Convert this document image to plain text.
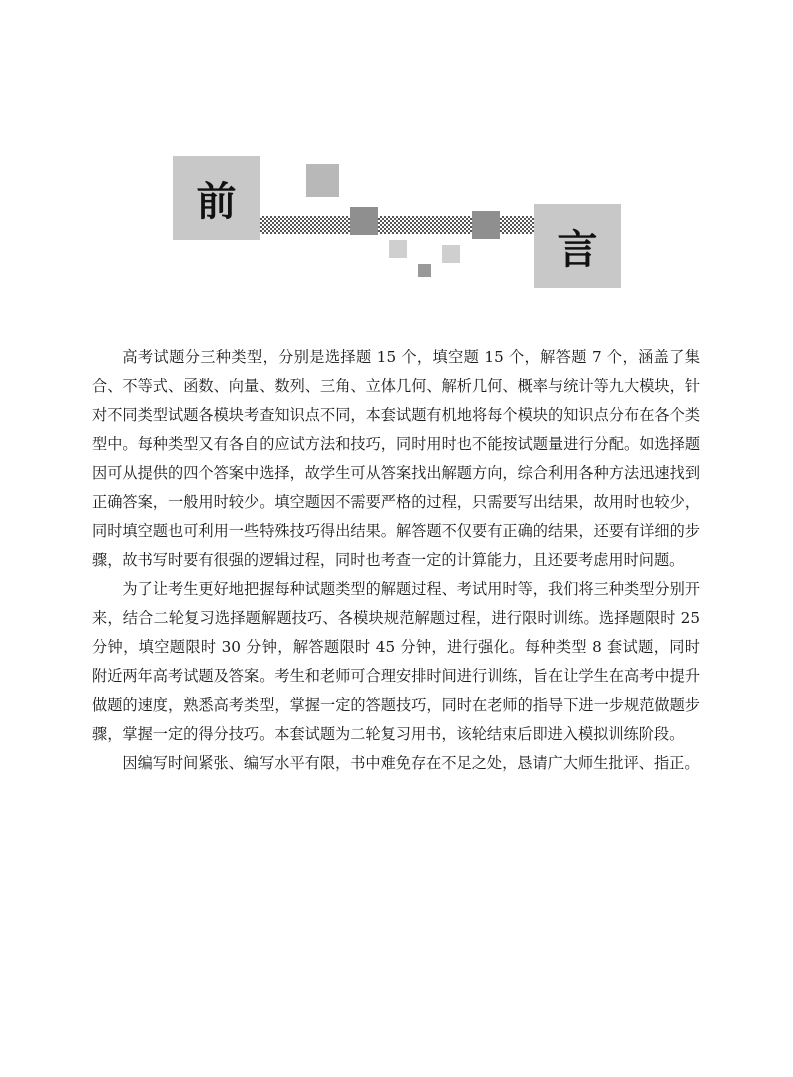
前
言

高考试题分三种类型，分别是选择题 15 个，填空题 15 个，解答题 7 个，涵盖了集合、不等式、函数、向量、数列、三角、立体几何、解析几何、概率与统计等九大模块，针对不同类型试题各模块考查知识点不同，本套试题有机地将每个模块的知识点分布在各个类型中。每种类型又有各自的应试方法和技巧，同时用时也不能按试题量进行分配。如选择题因可从提供的四个答案中选择，故学生可从答案找出解题方向，综合利用各种方法迅速找到正确答案，一般用时较少。填空题因不需要严格的过程，只需要写出结果，故用时也较少，同时填空题也可利用一些特殊技巧得出结果。解答题不仅要有正确的结果，还要有详细的步骤，故书写时要有很强的逻辑过程，同时也考查一定的计算能力，且还要考虑用时问题。

为了让考生更好地把握每种试题类型的解题过程、考试用时等，我们将三种类型分别开来，结合二轮复习选择题解题技巧、各模块规范解题过程，进行限时训练。选择题限时 25 分钟，填空题限时 30 分钟，解答题限时 45 分钟，进行强化。每种类型 8 套试题，同时附近两年高考试题及答案。考生和老师可合理安排时间进行训练，旨在让学生在高考中提升做题的速度，熟悉高考类型，掌握一定的答题技巧，同时在老师的指导下进一步规范做题步骤，掌握一定的得分技巧。本套试题为二轮复习用书，该轮结束后即进入模拟训练阶段。

因编写时间紧张、编写水平有限，书中难免存在不足之处，恳请广大师生批评、指正。
